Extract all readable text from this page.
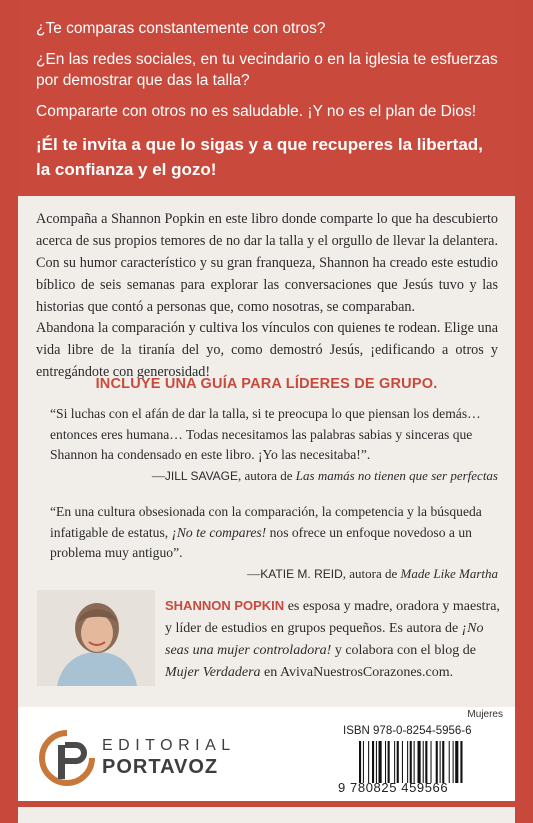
¿Te comparas constantemente con otros?

¿En las redes sociales, en tu vecindario o en la iglesia te esfuerzas por demostrar que das la talla?

Compararte con otros no es saludable. ¡Y no es el plan de Dios!

¡Él te invita a que lo sigas y a que recuperes la libertad, la confianza y el gozo!

Acompaña a Shannon Popkin en este libro donde comparte lo que ha descubierto acerca de sus propios temores de no dar la talla y el orgullo de llevar la delantera. Con su humor característico y su gran franqueza, Shannon ha creado este estudio bíblico de seis semanas para explorar las conversaciones que Jesús tuvo y las historias que contó a personas que, como nosotras, se comparaban.

Abandona la comparación y cultiva los vínculos con quienes te rodean. Elige una vida libre de la tiranía del yo, como demostró Jesús, ¡edificando a otros y entregándote con generosidad!

INCLUYE UNA GUÍA PARA LÍDERES DE GRUPO.

“Si luchas con el afán de dar la talla, si te preocupa lo que piensan los demás… entonces eres humana… Todas necesitamos las palabras sabias y sinceras que Shannon ha condensado en este libro. ¡Yo las necesitaba!”.

—JILL SAVAGE, autora de Las mamás no tienen que ser perfectas

“En una cultura obsesionada con la comparación, la competencia y la búsqueda infatigable de estatus, ¡No te compares! nos ofrece un enfoque novedoso a un problema muy antiguo”.

—KATIE M. REID, autora de Made Like Martha

SHANNON POPKIN es esposa y madre, oradora y maestra, y líder de estudios en grupos pequeños. Es autora de ¡No seas una mujer controladora! y colabora con el blog de Mujer Verdadera en AvivaNuestrosCorazones.com.

EDITORIAL
PORTAVOZ
Mujeres
ISBN 978-0-8254-5956-6
9 780825 459566
